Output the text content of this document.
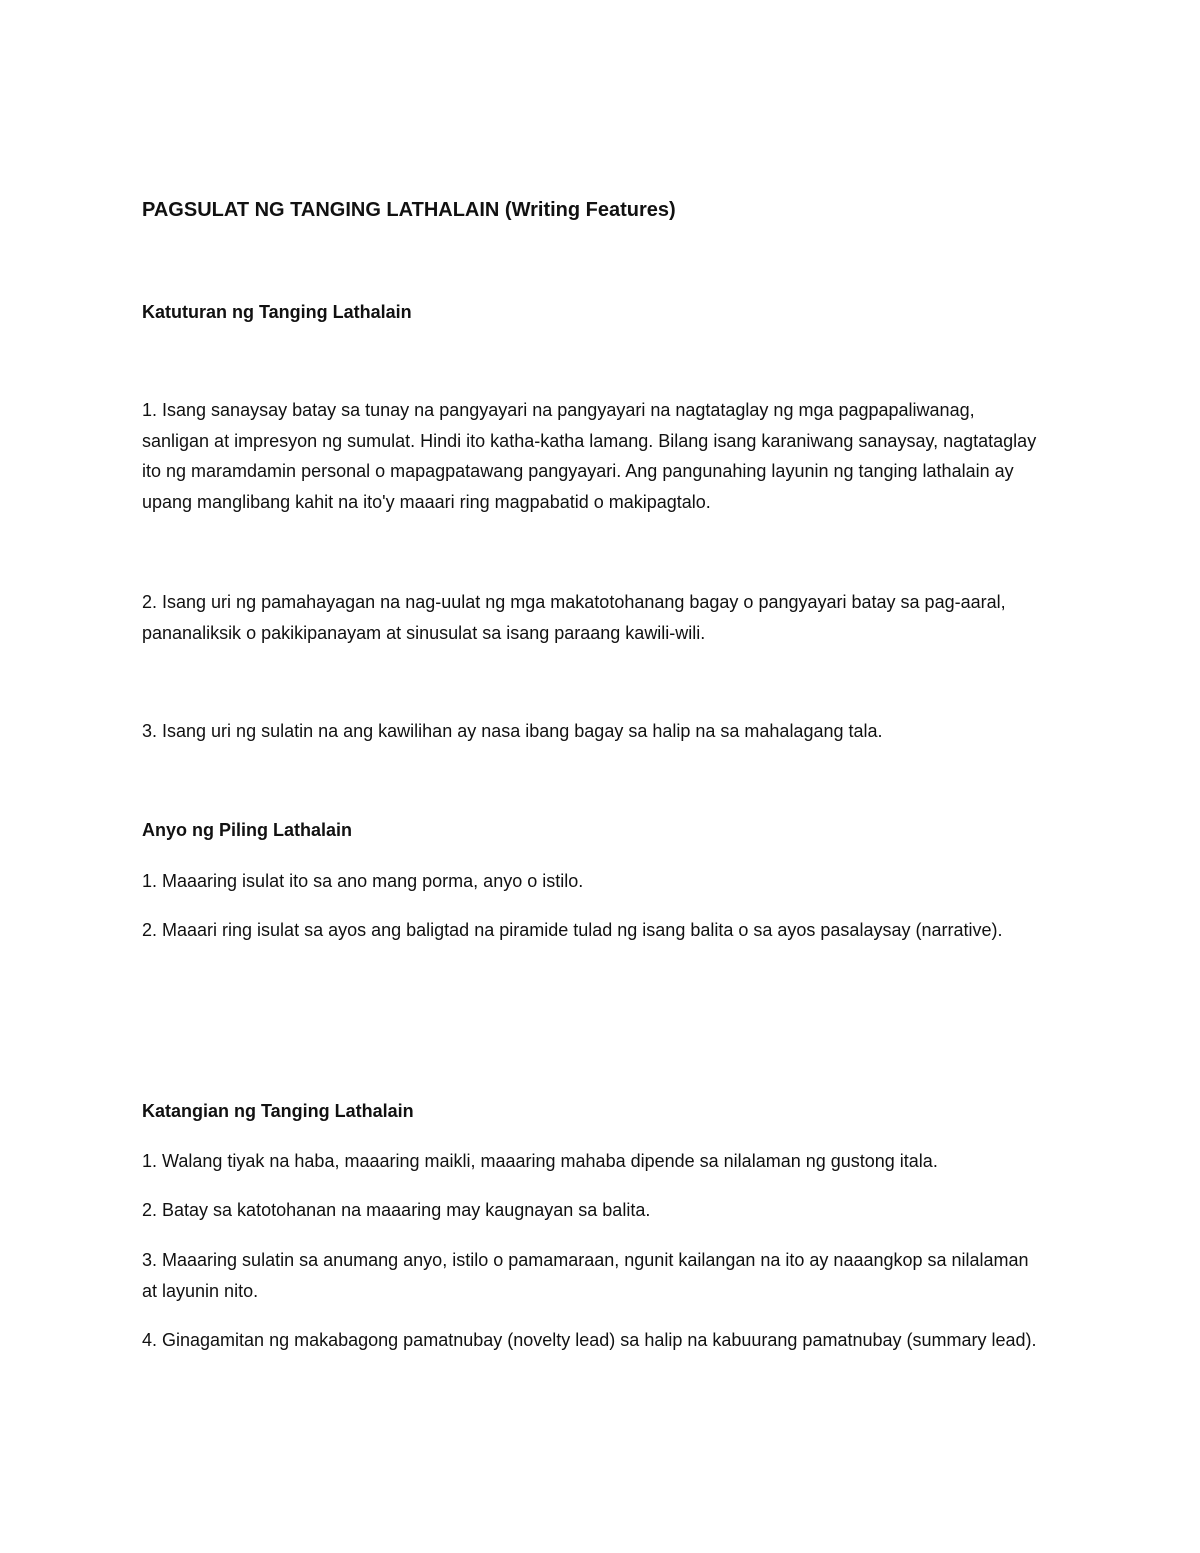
PAGSULAT NG TANGING LATHALAIN (Writing Features)
Katuturan ng Tanging Lathalain

1. Isang sanaysay batay sa tunay na pangyayari na pangyayari na nagtataglay ng mga pagpapaliwanag, sanligan at impresyon ng sumulat. Hindi ito katha-katha lamang. Bilang isang karaniwang sanaysay, nagtataglay ito ng maramdamin personal o mapagpatawang pangyayari. Ang pangunahing layunin ng tanging lathalain ay upang manglibang kahit na ito'y maaari ring magpabatid o makipagtalo.

2. Isang uri ng pamahayagan na nag-uulat ng mga makatotohanang bagay o pangyayari batay sa pag-aaral, pananaliksik o pakikipanayam at sinusulat sa isang paraang kawili-wili.

3. Isang uri ng sulatin na ang kawilihan ay nasa ibang bagay sa halip na sa mahalagang tala.

Anyo ng Piling Lathalain

1. Maaaring isulat ito sa ano mang porma, anyo o istilo.

2. Maaari ring isulat sa ayos ang baligtad na piramide tulad ng isang balita o sa ayos pasalaysay (narrative).

Katangian ng Tanging Lathalain

1. Walang tiyak na haba, maaaring maikli, maaaring mahaba dipende sa nilalaman ng gustong itala.

2. Batay sa katotohanan na maaaring may kaugnayan sa balita.

3. Maaaring sulatin sa anumang anyo, istilo o pamamaraan, ngunit kailangan na ito ay naaangkop sa nilalaman at layunin nito.

4. Ginagamitan ng makabagong pamatnubay (novelty lead) sa halip na kabuurang pamatnubay (summary lead).
